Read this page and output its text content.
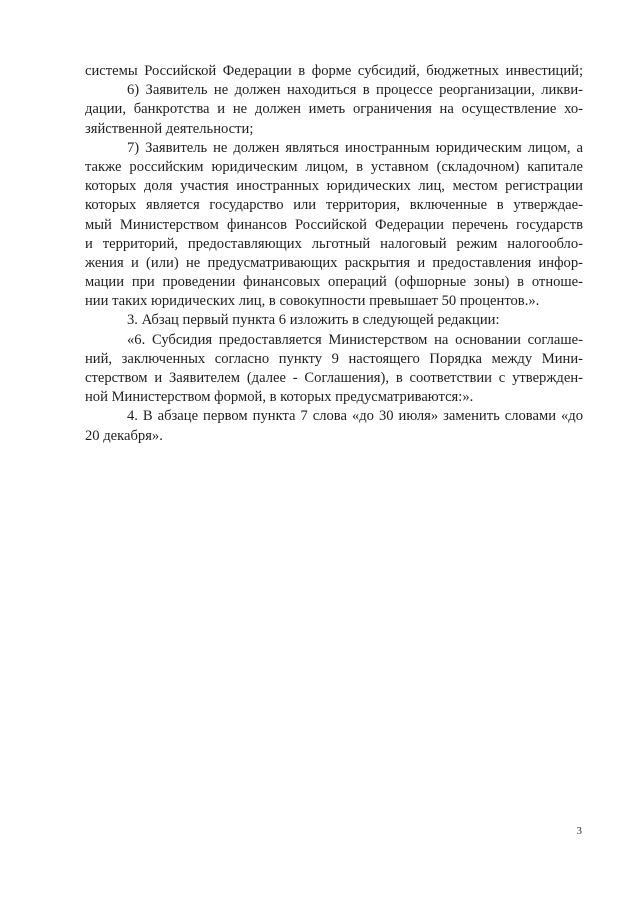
системы Российской Федерации в форме субсидий, бюджетных инвестиций;
6) Заявитель не должен находиться в процессе реорганизации, ликви-
дации, банкротства и не должен иметь ограничения на осуществление хо-
зяйственной деятельности;
7) Заявитель не должен являться иностранным юридическим лицом, а
также российским юридическим лицом, в уставном (складочном) капитале
которых доля участия иностранных юридических лиц, местом регистрации
которых является государство или территория, включенные в утверждае-
мый Министерством финансов Российской Федерации перечень государств
и территорий, предоставляющих льготный налоговый режим налогообло-
жения и (или) не предусматривающих раскрытия и предоставления инфор-
мации при проведении финансовых операций (офшорные зоны) в отноше-
нии таких юридических лиц, в совокупности превышает 50 процентов.».
3. Абзац первый пункта 6 изложить в следующей редакции:
«6. Субсидия предоставляется Министерством на основании соглаше-
ний, заключенных согласно пункту 9 настоящего Порядка между Мини-
стерством и Заявителем (далее - Соглашения), в соответствии с утвержден-
ной Министерством формой, в которых предусматриваются:».
4. В абзаце первом пункта 7 слова «до 30 июля» заменить словами «до
20 декабря».
3
